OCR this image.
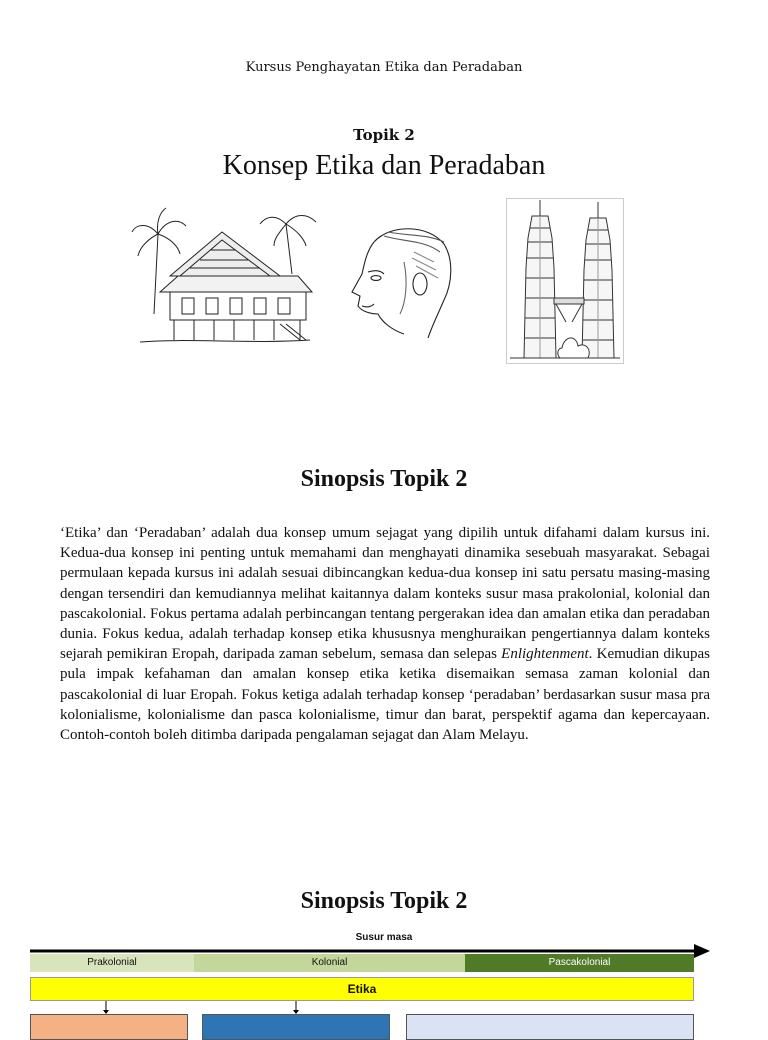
Kursus Penghayatan Etika dan Peradaban
Topik 2
Konsep Etika dan Peradaban
Sinopsis Topik 2
‘Etika’ dan ‘Peradaban’ adalah dua konsep umum sejagat yang dipilih untuk difahami dalam kursus ini. Kedua-dua konsep ini penting untuk memahami dan menghayati dinamika sesebuah masyarakat. Sebagai permulaan kepada kursus ini adalah sesuai dibincangkan kedua-dua konsep ini satu persatu masing-masing dengan tersendiri dan kemudiannya melihat kaitannya dalam konteks susur masa prakolonial, kolonial dan pascakolonial. Fokus pertama adalah perbincangan tentang pergerakan idea dan amalan etika dan peradaban dunia. Fokus kedua, adalah terhadap konsep etika khususnya menghuraikan pengertiannya dalam konteks sejarah pemikiran Eropah, daripada zaman sebelum, semasa dan selepas Enlightenment. Kemudian dikupas pula impak kefahaman dan amalan konsep etika ketika disemaikan semasa zaman kolonial dan pascakolonial di luar Eropah. Fokus ketiga adalah terhadap konsep ‘peradaban’ berdasarkan susur masa pra kolonialisme, kolonialisme dan pasca kolonialisme, timur dan barat, perspektif agama dan kepercayaan. Contoh-contoh boleh ditimba daripada pengalaman sejagat dan Alam Melayu.
Sinopsis Topik 2
Susur masa
Prakolonial	Kolonial	Pascakolonial
Etika
